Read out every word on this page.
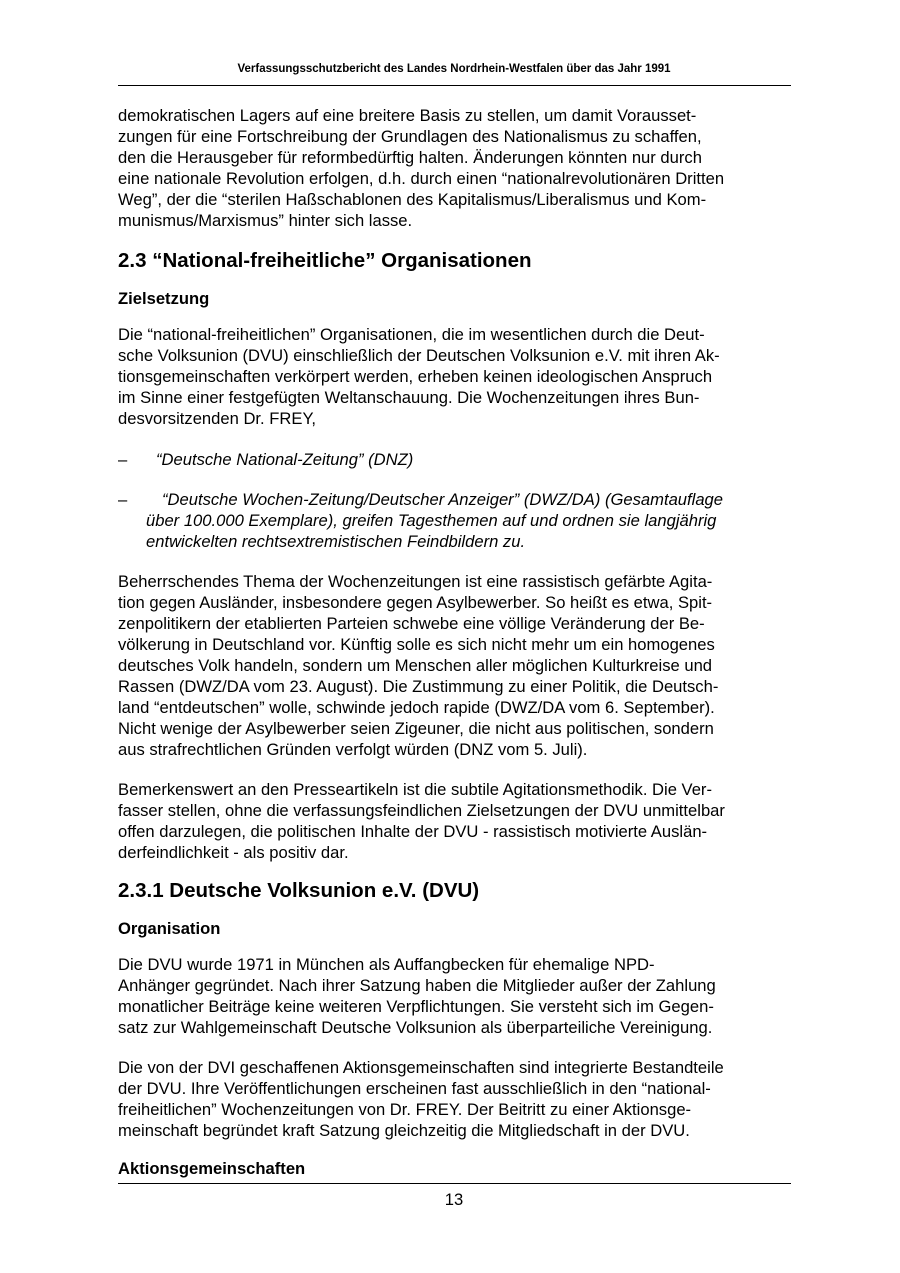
Verfassungsschutzbericht des Landes Nordrhein-Westfalen über das Jahr 1991

demokratischen Lagers auf eine breitere Basis zu stellen, um damit Vorausset-
zungen für eine Fortschreibung der Grundlagen des Nationalismus zu schaffen,
den die Herausgeber für reformbedürftig halten. Änderungen könnten nur durch
eine nationale Revolution erfolgen, d.h. durch einen “nationalrevolutionären Dritten
Weg”, der die “sterilen Haßschablonen des Kapitalismus/Liberalismus und Kom-
munismus/Marxismus” hinter sich lasse.

2.3 “National-freiheitliche” Organisationen
Zielsetzung

Die “national-freiheitlichen” Organisationen, die im wesentlichen durch die Deut-
sche Volksunion (DVU) einschließlich der Deutschen Volksunion e.V. mit ihren Ak-
tionsgemeinschaften verkörpert werden, erheben keinen ideologischen Anspruch
im Sinne einer festgefügten Weltanschauung. Die Wochenzeitungen ihres Bun-
desvorsitzenden Dr. FREY,

– “Deutsche National-Zeitung” (DNZ)
–	“Deutsche Wochen-Zeitung/Deutscher Anzeiger” (DWZ/DA) (Gesamtauflage
über 100.000 Exemplare), greifen Tagesthemen auf und ordnen sie langjährig
entwickelten rechtsextremistischen Feindbildern zu.

Beherrschendes Thema der Wochenzeitungen ist eine rassistisch gefärbte Agita-
tion gegen Ausländer, insbesondere gegen Asylbewerber. So heißt es etwa, Spit-
zenpolitikern der etablierten Parteien schwebe eine völlige Veränderung der Be-
völkerung in Deutschland vor. Künftig solle es sich nicht mehr um ein homogenes
deutsches Volk handeln, sondern um Menschen aller möglichen Kulturkreise und
Rassen (DWZ/DA vom 23. August). Die Zustimmung zu einer Politik, die Deutsch-
land “entdeutschen” wolle, schwinde jedoch rapide (DWZ/DA vom 6. September).
Nicht wenige der Asylbewerber seien Zigeuner, die nicht aus politischen, sondern
aus strafrechtlichen Gründen verfolgt würden (DNZ vom 5. Juli).

Bemerkenswert an den Presseartikeln ist die subtile Agitationsmethodik. Die Ver-
fasser stellen, ohne die verfassungsfeindlichen Zielsetzungen der DVU unmittelbar
offen darzulegen, die politischen Inhalte der DVU - rassistisch motivierte Auslän-
derfeindlichkeit - als positiv dar.

2.3.1 Deutsche Volksunion e.V. (DVU)
Organisation

Die DVU wurde 1971 in München als Auffangbecken für ehemalige NPD-
Anhänger gegründet. Nach ihrer Satzung haben die Mitglieder außer der Zahlung
monatlicher Beiträge keine weiteren Verpflichtungen. Sie versteht sich im Gegen-
satz zur Wahlgemeinschaft Deutsche Volksunion als überparteiliche Vereinigung.

Die von der DVI geschaffenen Aktionsgemeinschaften sind integrierte Bestandteile
der DVU. Ihre Veröffentlichungen erscheinen fast ausschließlich in den “national-
freiheitlichen” Wochenzeitungen von Dr. FREY. Der Beitritt zu einer Aktionsge-
meinschaft begründet kraft Satzung gleichzeitig die Mitgliedschaft in der DVU.

Aktionsgemeinschaften
13
